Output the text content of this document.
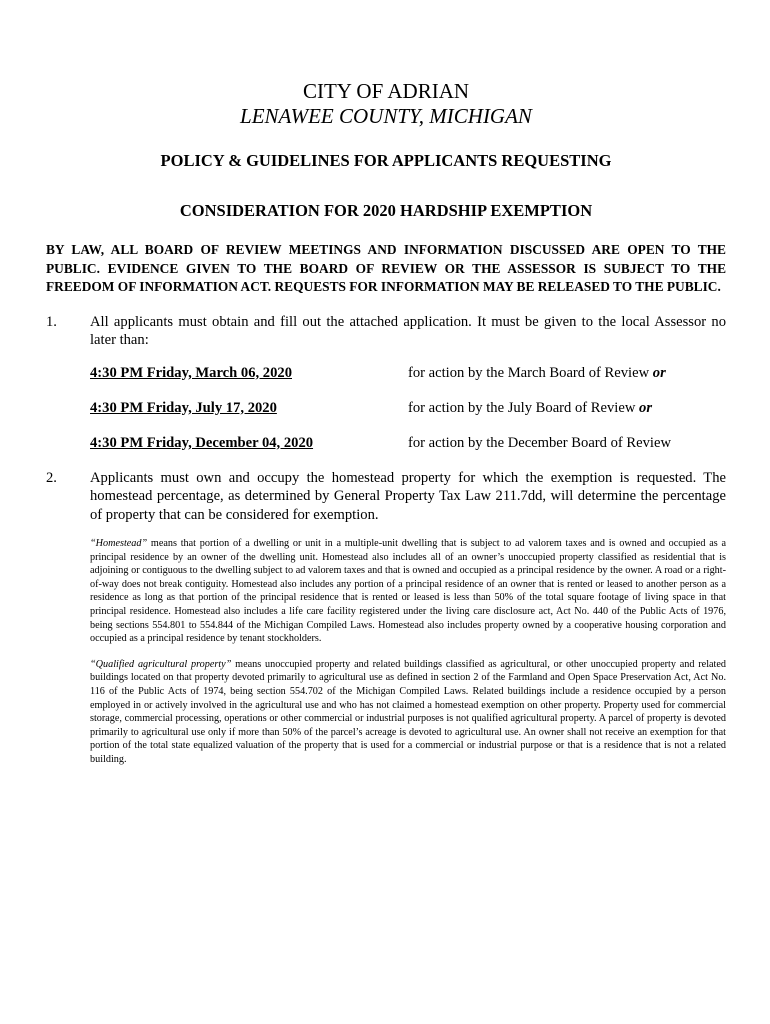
CITY OF ADRIAN
LENAWEE COUNTY, MICHIGAN
POLICY & GUIDELINES FOR APPLICANTS REQUESTING
CONSIDERATION FOR 2020 HARDSHIP EXEMPTION

BY LAW, ALL BOARD OF REVIEW MEETINGS AND INFORMATION DISCUSSED ARE OPEN TO THE PUBLIC. EVIDENCE GIVEN TO THE BOARD OF REVIEW OR THE ASSESSOR IS SUBJECT TO THE FREEDOM OF INFORMATION ACT. REQUESTS FOR INFORMATION MAY BE RELEASED TO THE PUBLIC.

1.	All applicants must obtain and fill out the attached application. It must be given to the local Assessor no later than:
4:30 PM Friday, March 06, 2020	for action by the March Board of Review or
4:30 PM Friday, July 17, 2020	for action by the July Board of Review or
4:30 PM Friday, December 04, 2020	for action by the December Board of Review
2.	Applicants must own and occupy the homestead property for which the exemption is requested. The homestead percentage, as determined by General Property Tax Law 211.7dd, will determine the percentage of property that can be considered for exemption.

“Homestead” means that portion of a dwelling or unit in a multiple-unit dwelling that is subject to ad valorem taxes and is owned and occupied as a principal residence by an owner of the dwelling unit. Homestead also includes all of an owner’s unoccupied property classified as residential that is adjoining or contiguous to the dwelling subject to ad valorem taxes and that is owned and occupied as a principal residence by the owner. A road or a right-of-way does not break contiguity. Homestead also includes any portion of a principal residence of an owner that is rented or leased to another person as a residence as long as that portion of the principal residence that is rented or leased is less than 50% of the total square footage of living space in that principal residence. Homestead also includes a life care facility registered under the living care disclosure act, Act No. 440 of the Public Acts of 1976, being sections 554.801 to 554.844 of the Michigan Compiled Laws. Homestead also includes property owned by a cooperative housing corporation and occupied as a principal residence by tenant stockholders.

“Qualified agricultural property” means unoccupied property and related buildings classified as agricultural, or other unoccupied property and related buildings located on that property devoted primarily to agricultural use as defined in section 2 of the Farmland and Open Space Preservation Act, Act No. 116 of the Public Acts of 1974, being section 554.702 of the Michigan Compiled Laws. Related buildings include a residence occupied by a person employed in or actively involved in the agricultural use and who has not claimed a homestead exemption on other property. Property used for commercial storage, commercial processing, operations or other commercial or industrial purposes is not qualified agricultural property. A parcel of property is devoted primarily to agricultural use only if more than 50% of the parcel’s acreage is devoted to agricultural use. An owner shall not receive an exemption for that portion of the total state equalized valuation of the property that is used for a commercial or industrial purpose or that is a residence that is not a related building.
